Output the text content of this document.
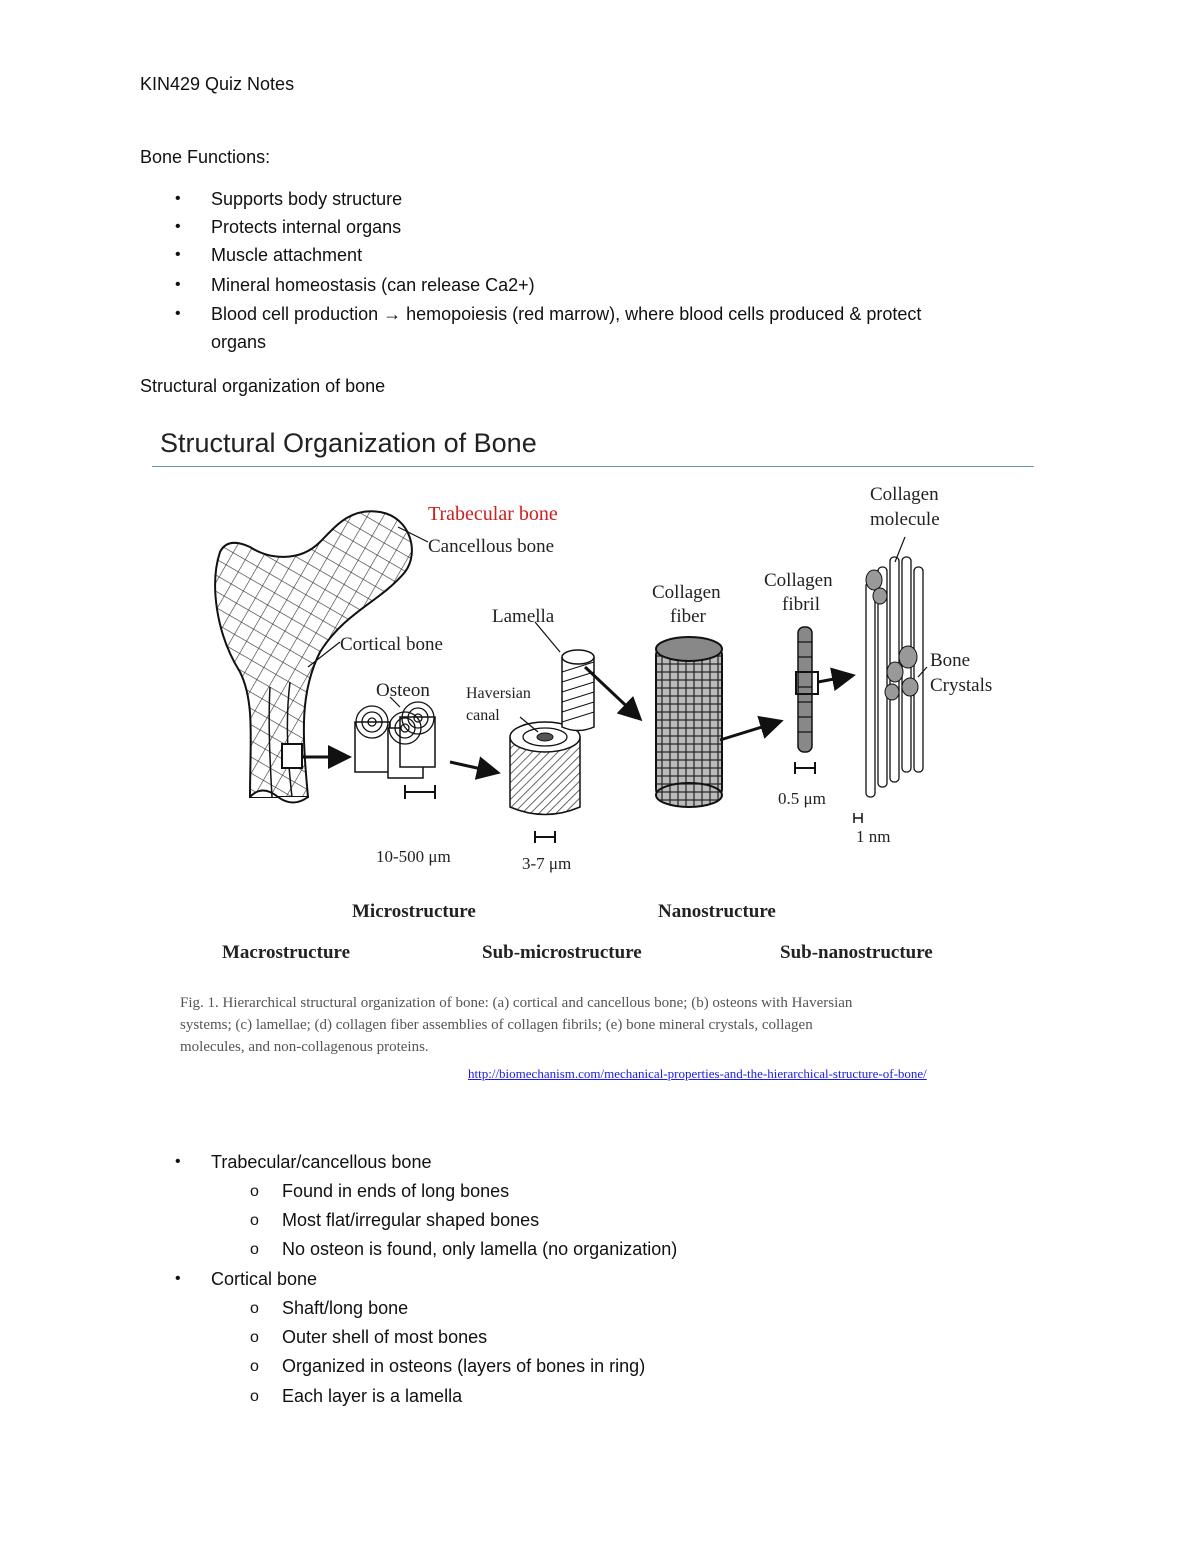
KIN429 Quiz Notes
Bone Functions:
• Supports body structure
• Protects internal organs
• Muscle attachment
• Mineral homeostasis (can release Ca2+)
• Blood cell production → hemopoiesis (red marrow), where blood cells produced & protect
organs
Structural organization of bone
Structural Organization of Bone
Trabecular bone
Cancellous bone
Cortical bone
Osteon
Lamella
Haversian
canal
Collagen
fiber
Collagen
fibril
Collagen
molecule
Bone
Crystals
10-500 μm	3-7 μm
0.5 μm
1 nm
Microstructure	Nanostructure
Macrostructure	Sub-microstructure	Sub-nanostructure
Fig. 1. Hierarchical structural organization of bone: (a) cortical and cancellous bone; (b) osteons with Haversian
systems; (c) lamellae; (d) collagen fiber assemblies of collagen fibrils; (e) bone mineral crystals, collagen
molecules, and non-collagenous proteins.
http://biomechanism.com/mechanical-properties-and-the-hierarchical-structure-of-bone/
• Trabecular/cancellous bone
o Found in ends of long bones
o Most flat/irregular shaped bones
o No osteon is found, only lamella (no organization)
• Cortical bone
o Shaft/long bone
o Outer shell of most bones
o Organized in osteons (layers of bones in ring)
o Each layer is a lamella
